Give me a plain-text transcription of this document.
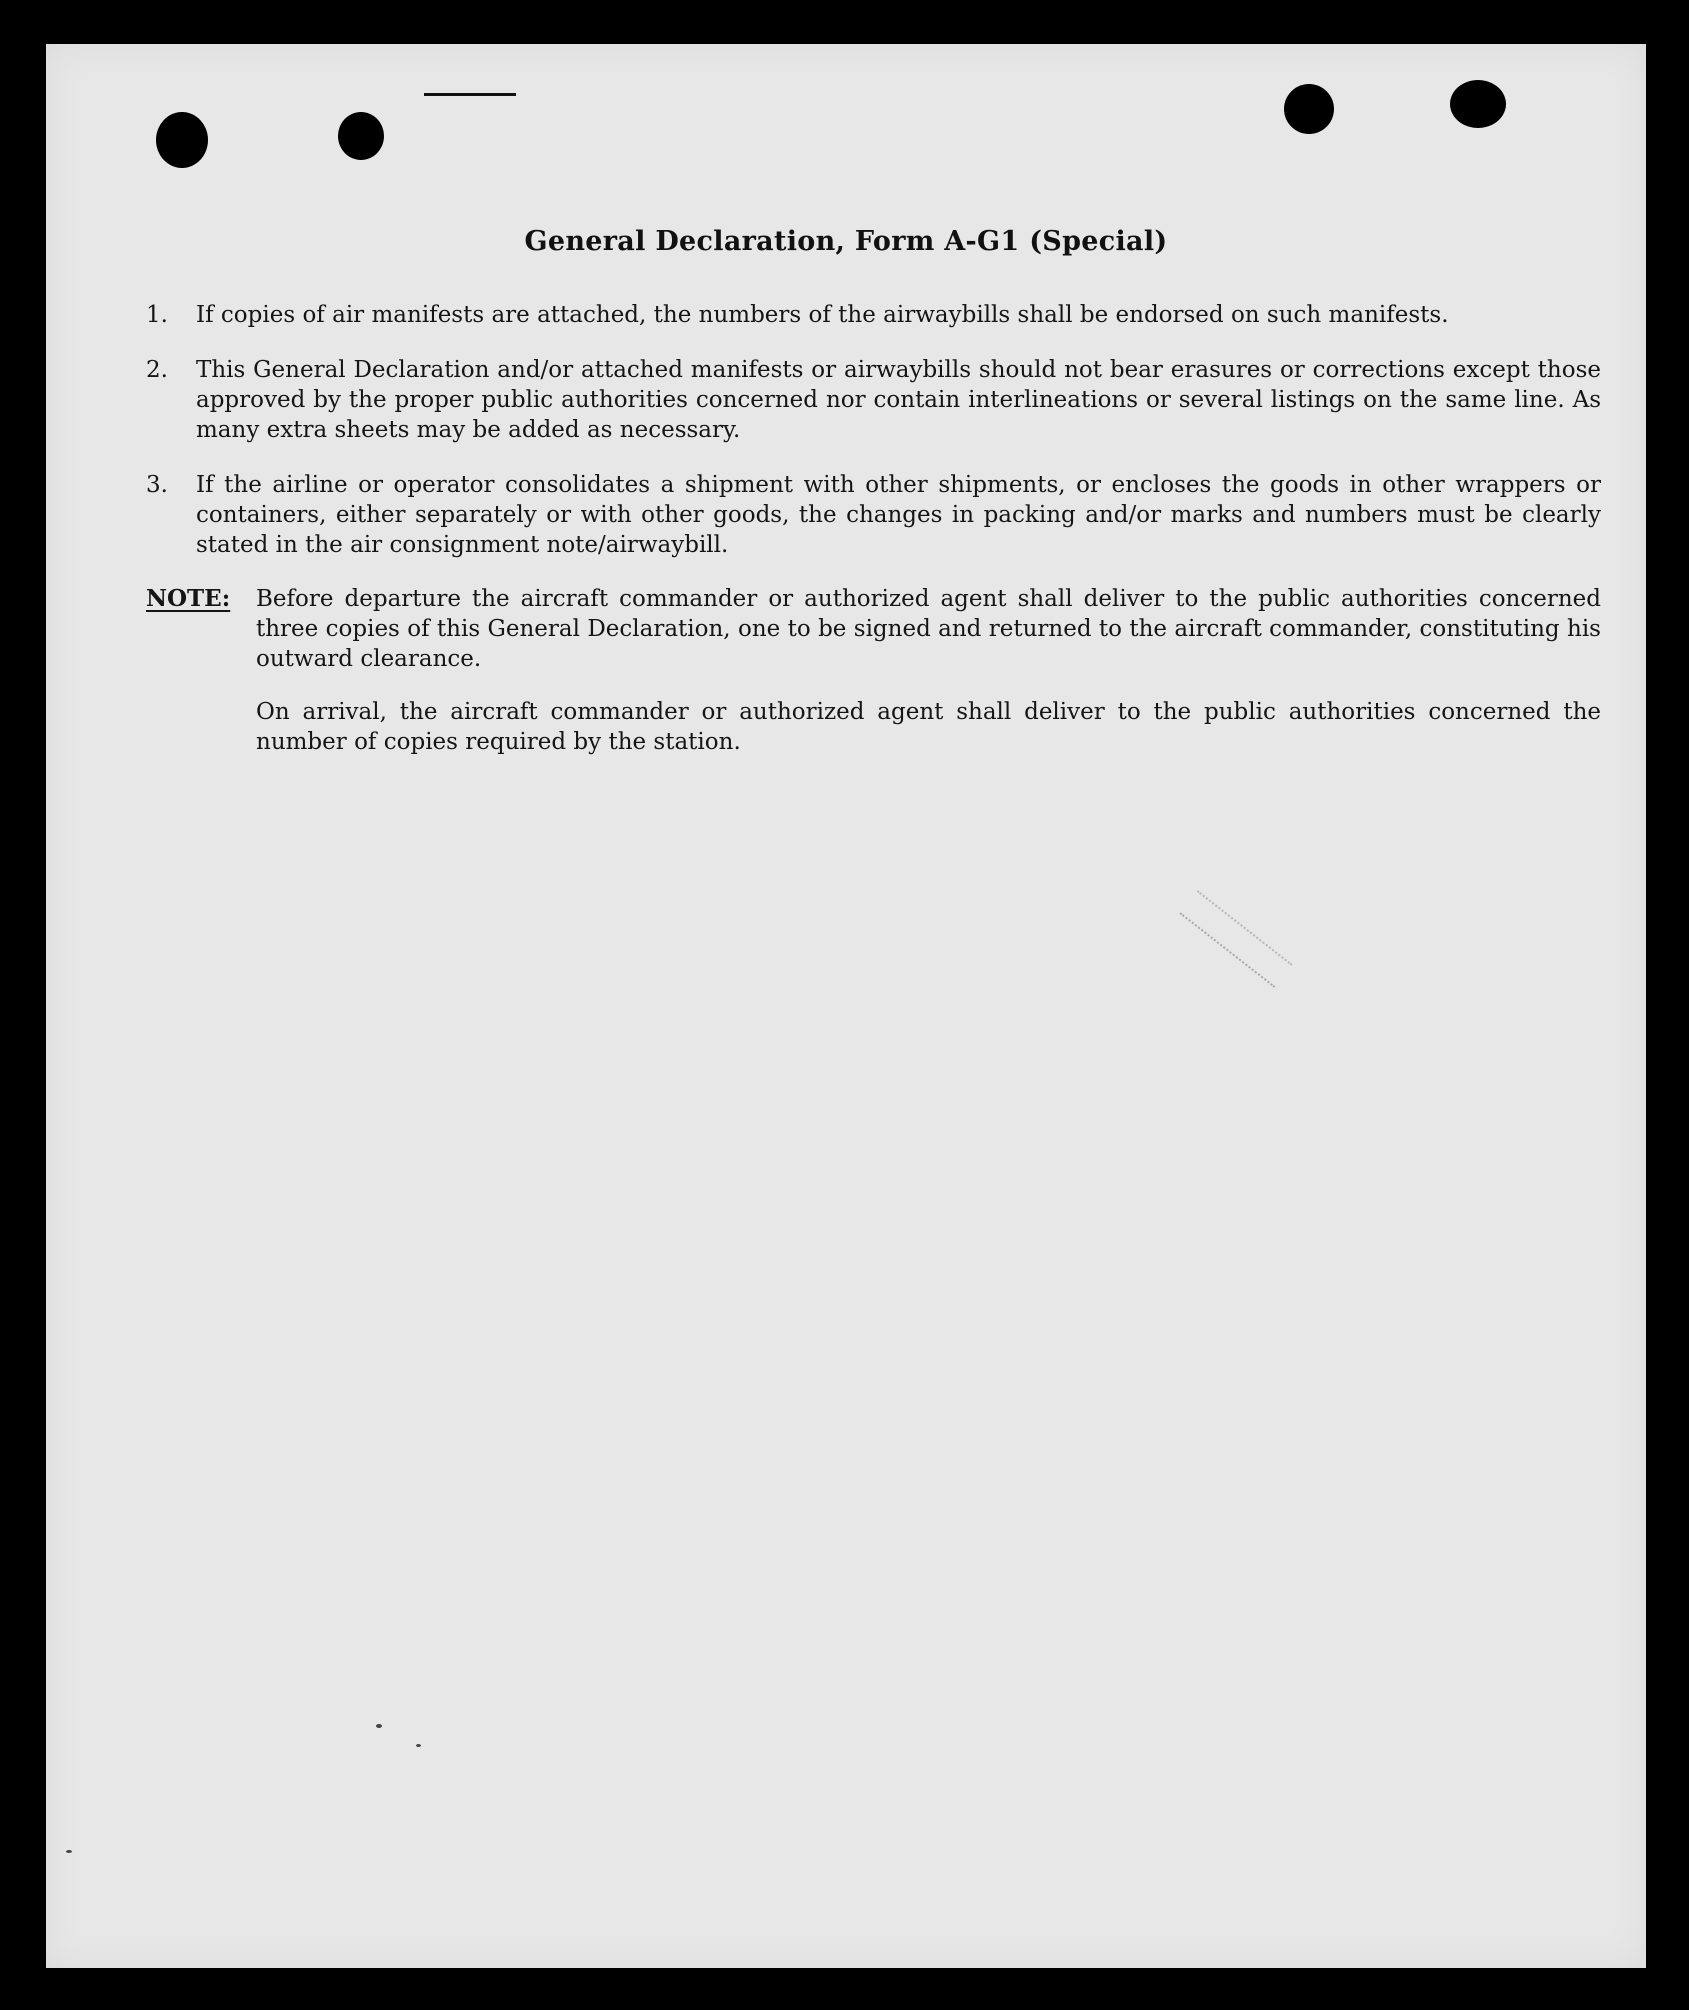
General Declaration, Form A-G1 (Special)
1. If copies of air manifests are attached, the numbers of the airwaybills shall be endorsed on such manifests.
2. This General Declaration and/or attached manifests or airwaybills should not bear erasures or corrections except those approved by the proper public authorities concerned nor contain interlineations or several listings on the same line. As many extra sheets may be added as necessary.
3. If the airline or operator consolidates a shipment with other shipments, or encloses the goods in other wrappers or containers, either separately or with other goods, the changes in packing and/or marks and numbers must be clearly stated in the air consignment note/airwaybill.
NOTE: Before departure the aircraft commander or authorized agent shall deliver to the public authorities concerned three copies of this General Declaration, one to be signed and returned to the aircraft commander, constituting his outward clearance.
On arrival, the aircraft commander or authorized agent shall deliver to the public authorities concerned the number of copies required by the station.
